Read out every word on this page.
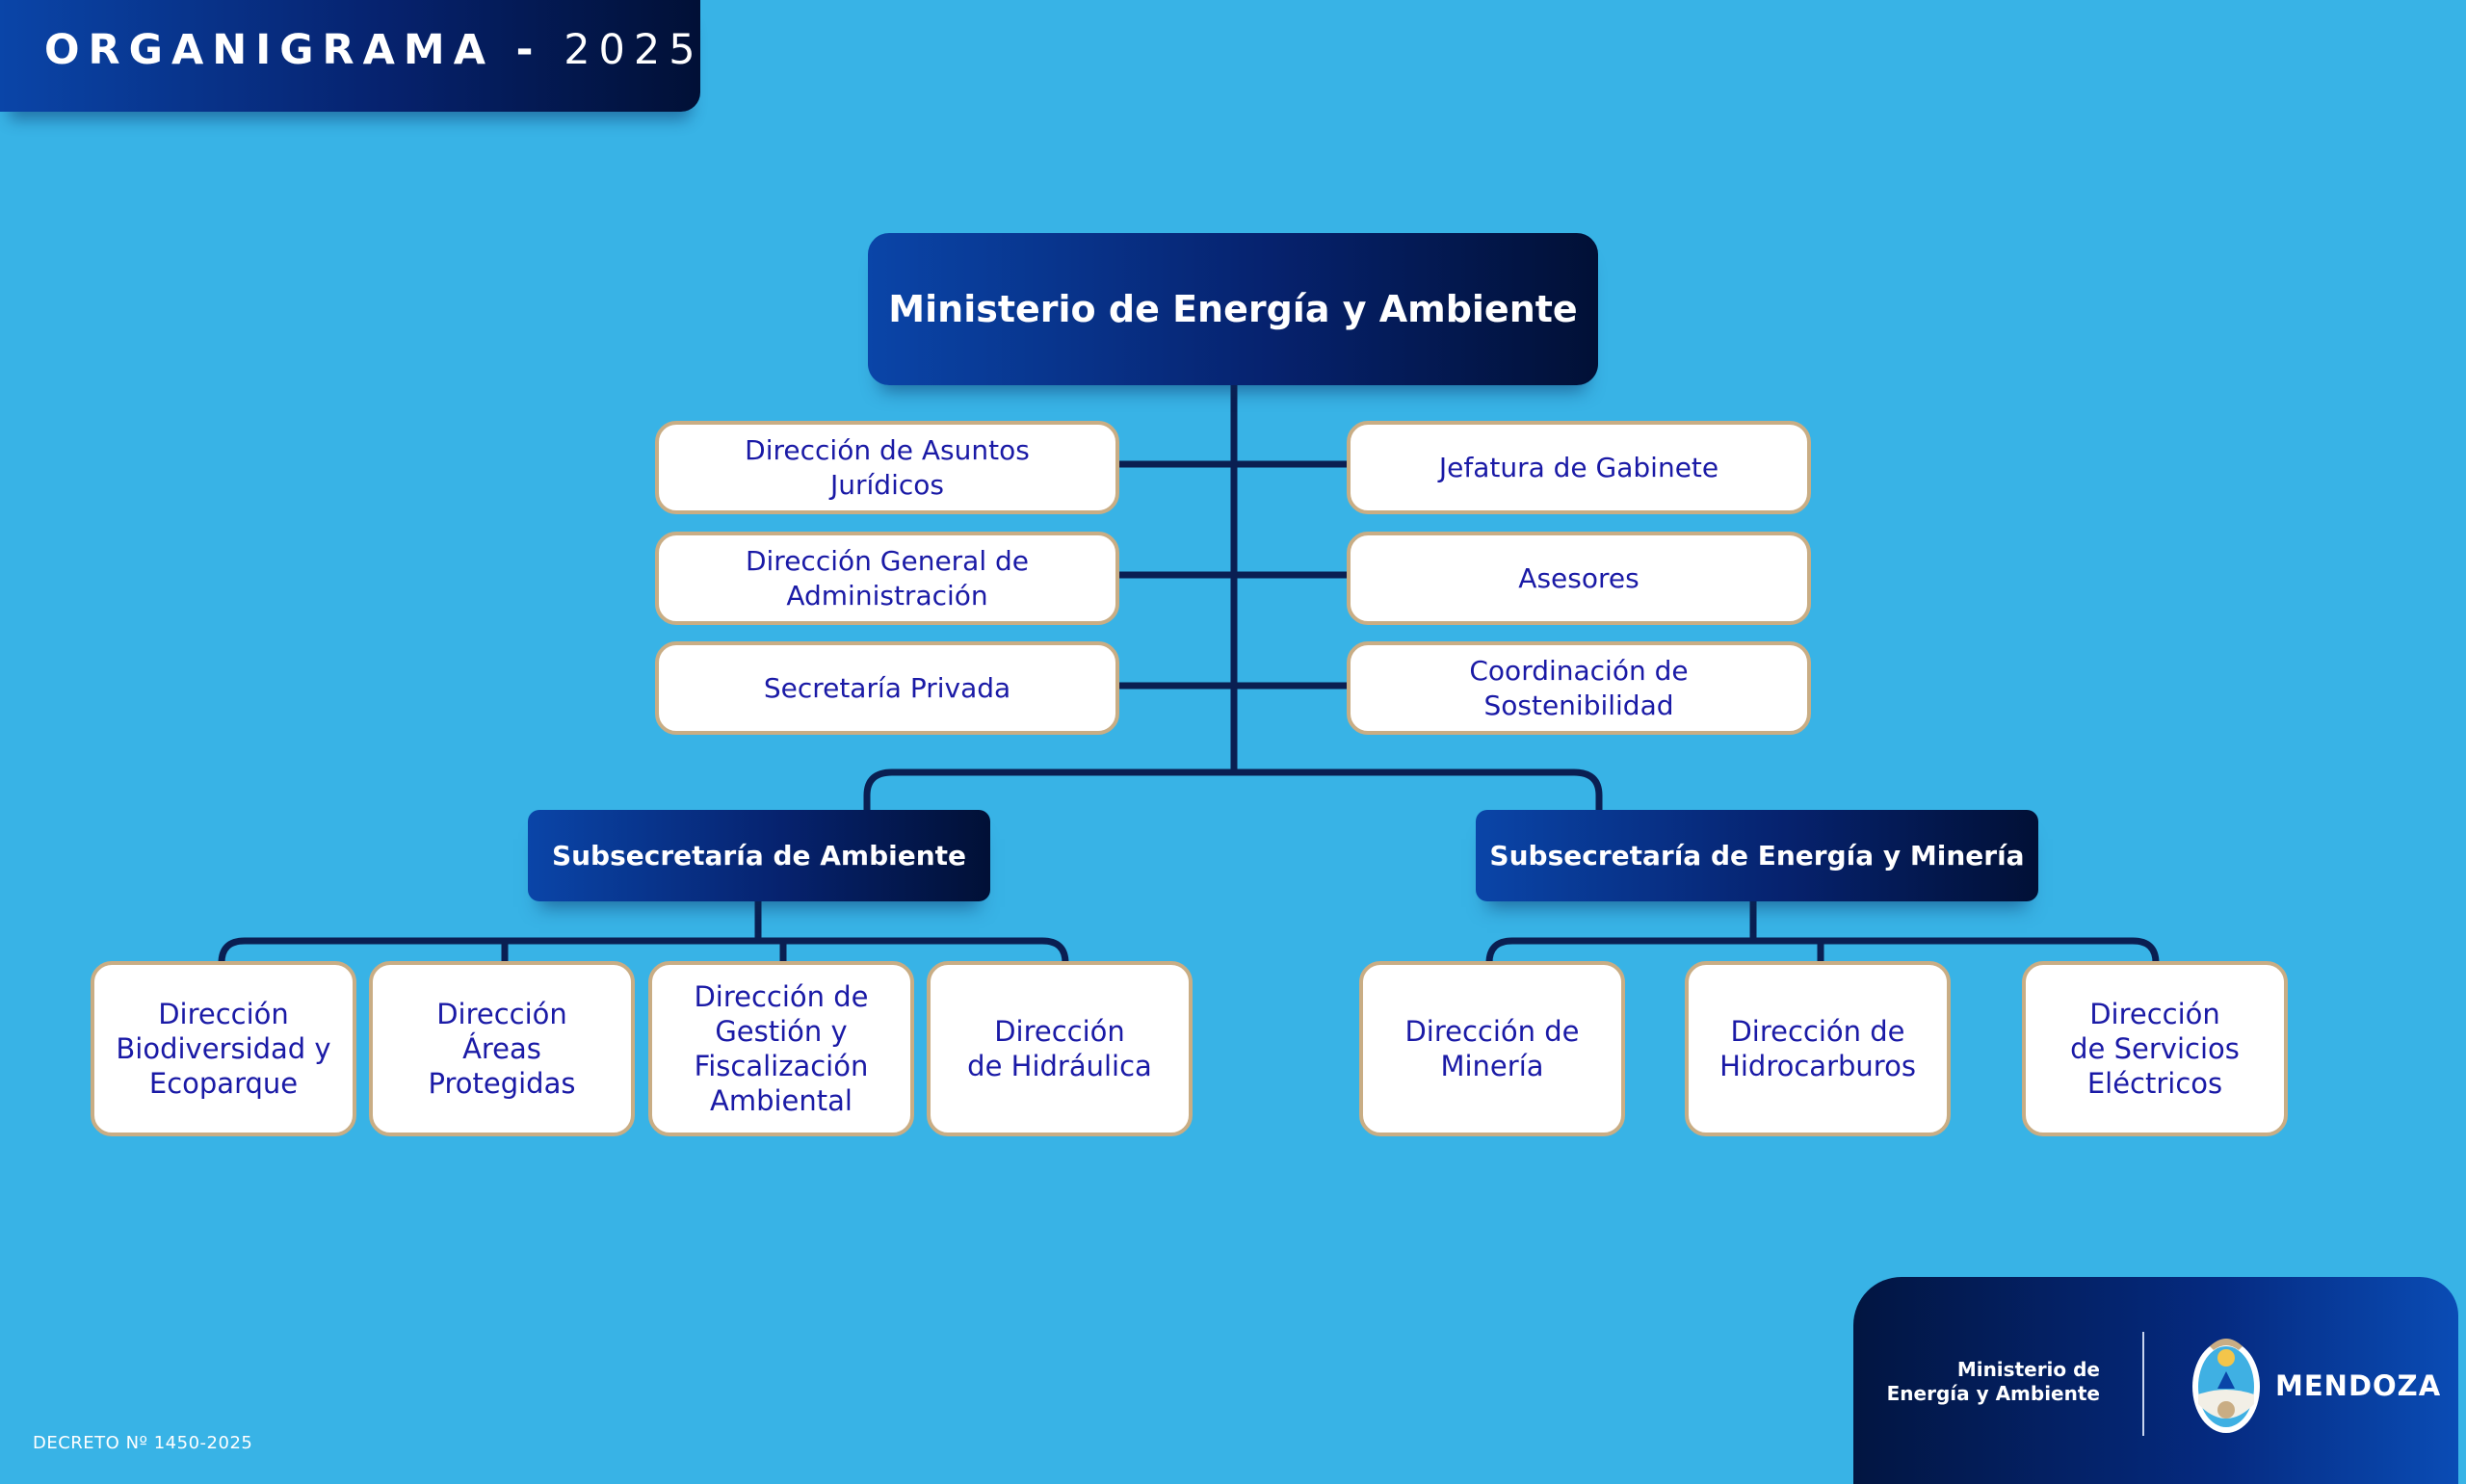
ORGANIGRAMA - 2025
Ministerio de Energía y Ambiente
Dirección de Asuntos
Jurídicos
Dirección General de
Administración
Secretaría Privada
Jefatura de Gabinete
Asesores
Coordinación de
Sostenibilidad
Subsecretaría de Ambiente	Subsecretaría de Energía y Minería
Dirección
Biodiversidad y
Ecoparque
Dirección
Áreas Protegidas
Dirección de
Gestión y
Fiscalización
Ambiental
Dirección
de Hidráulica
Dirección de
Minería
Dirección de
Hidrocarburos
Dirección
de Servicios
Eléctricos
Ministerio de
Energía y Ambiente	MENDOZA
DECRETO Nº 1450-2025
